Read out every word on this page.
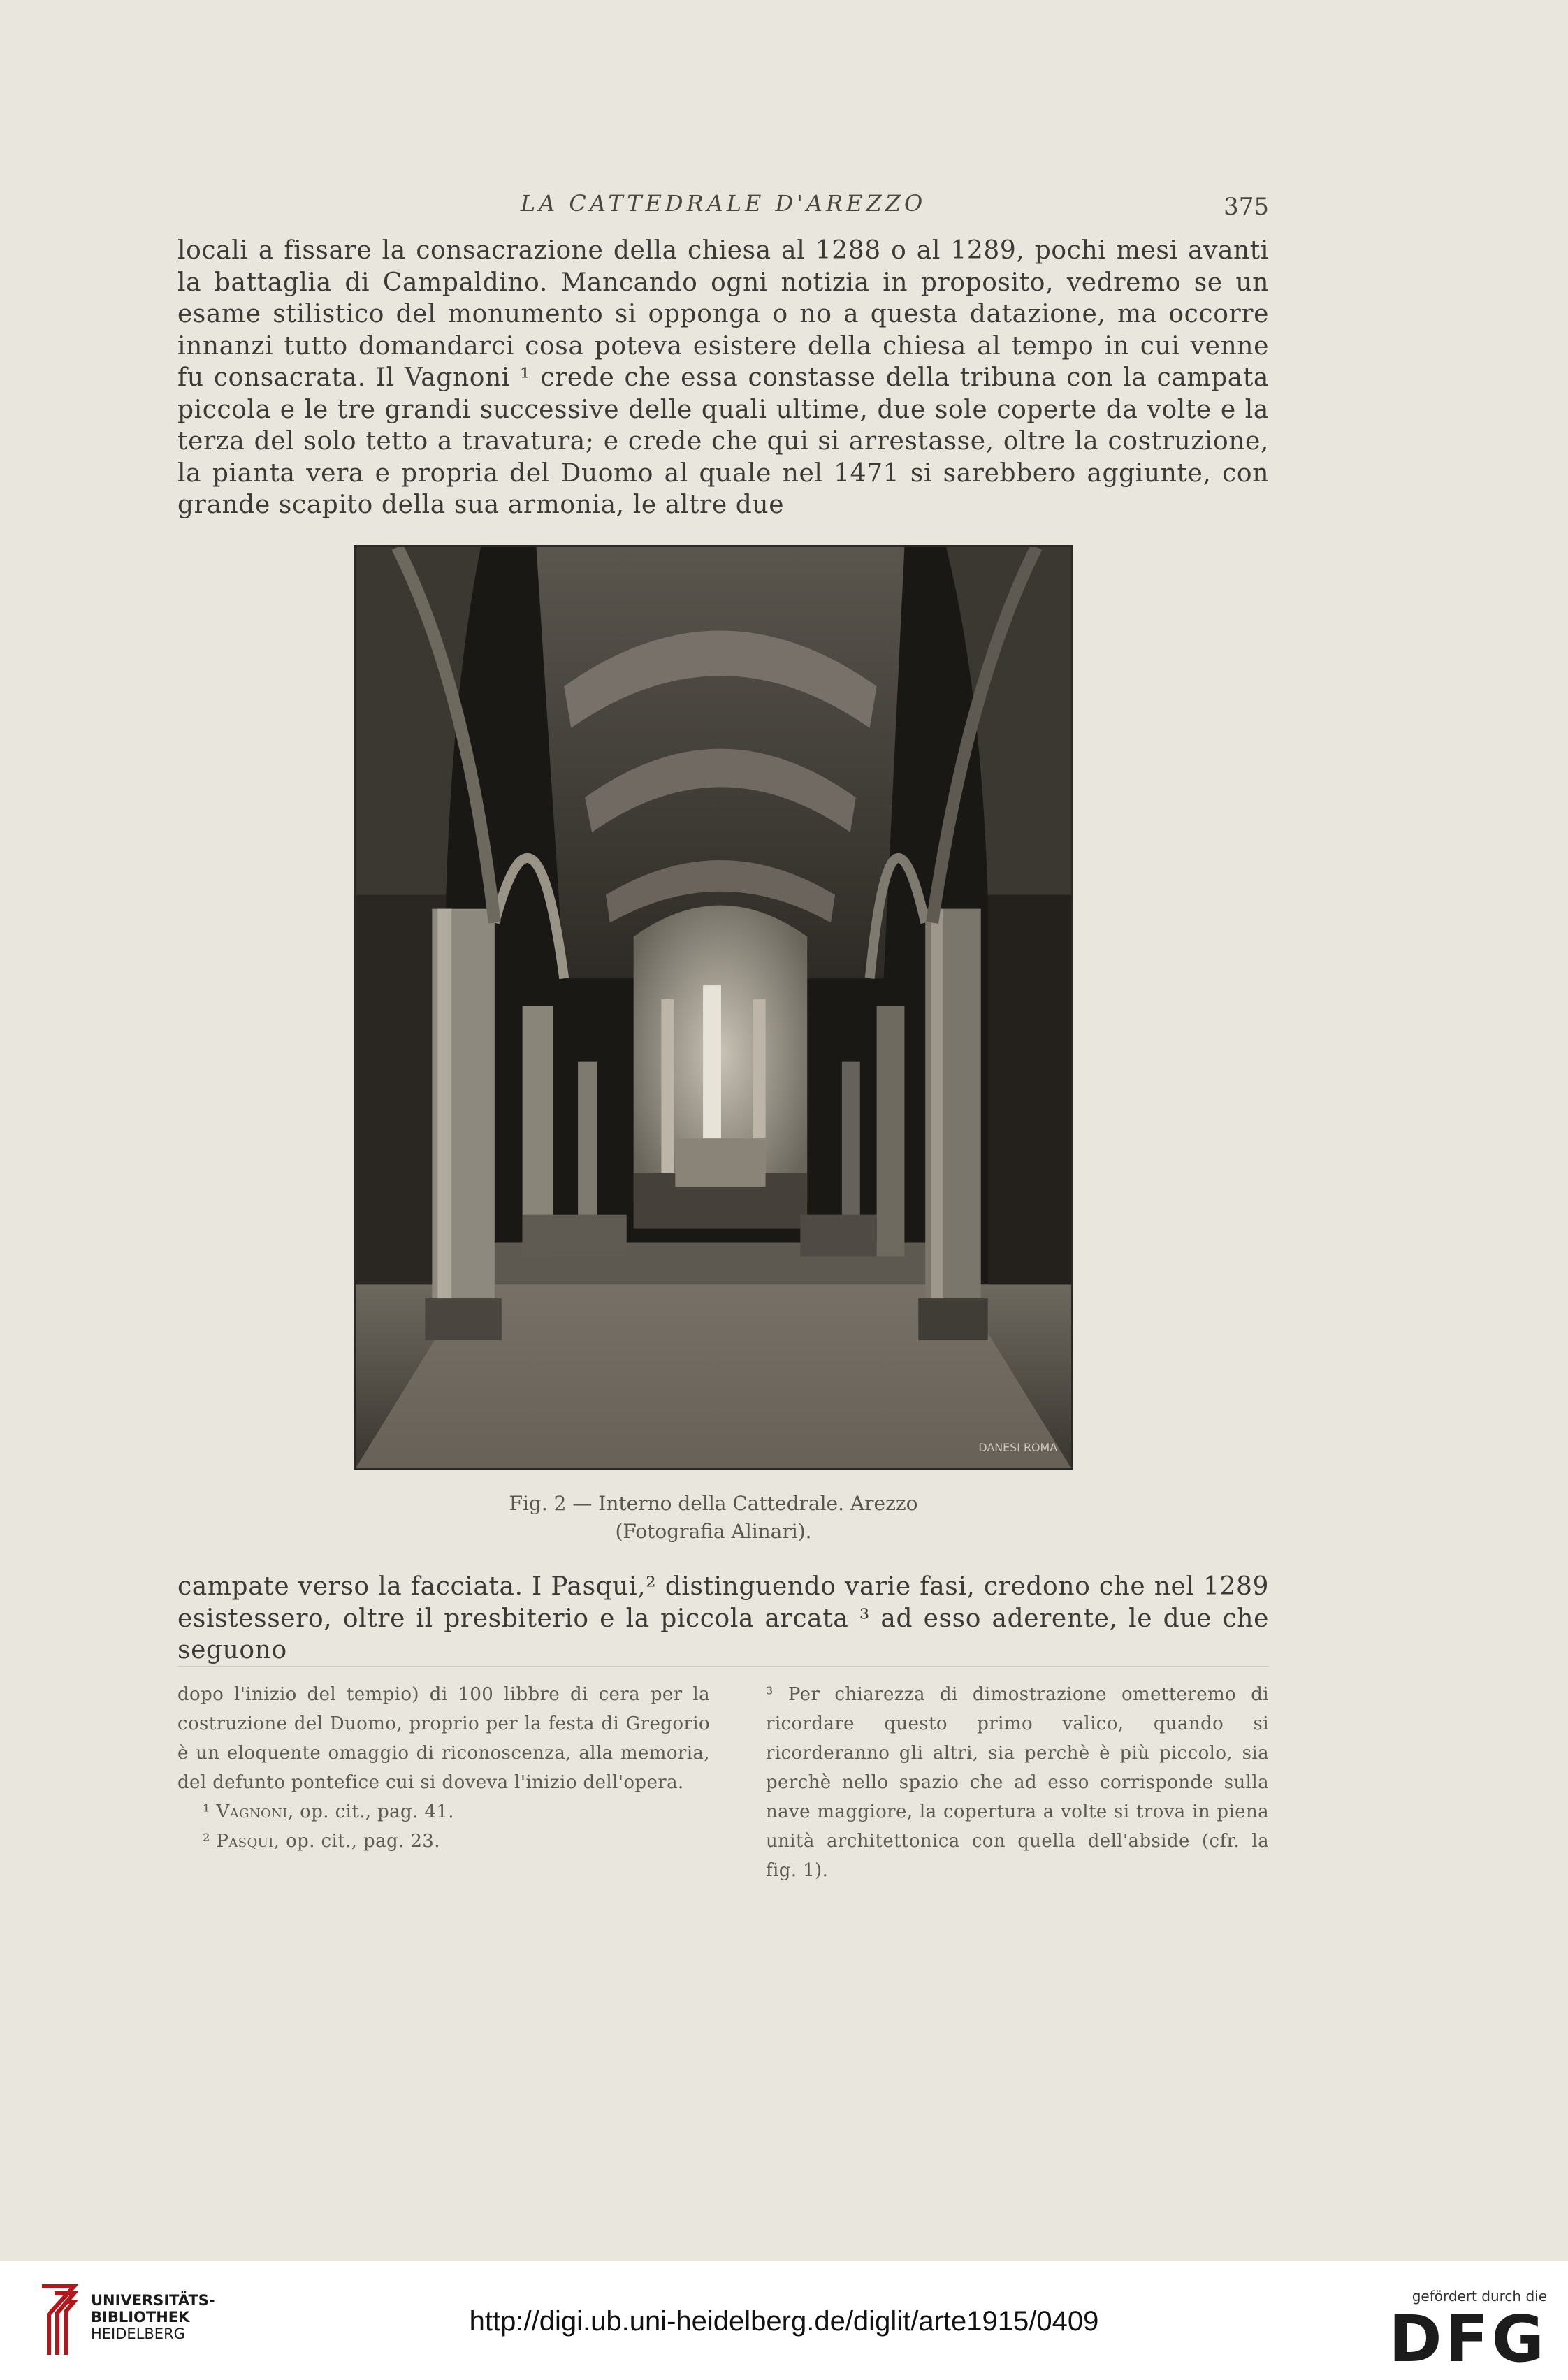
LA CATTEDRALE D'AREZZO	375

locali a fissare la consacrazione della chiesa al 1288 o al 1289, pochi mesi avanti la battaglia di Campaldino. Mancando ogni notizia in proposito, vedremo se un esame stilistico del monumento si opponga o no a questa datazione, ma occorre innanzi tutto domandarci cosa poteva esistere della chiesa al tempo in cui venne fu consacrata. Il Vagnoni ¹ crede che essa constasse della tribuna con la campata piccola e le tre grandi successive delle quali ultime, due sole coperte da volte e la terza del solo tetto a travatura; e crede che qui si arrestasse, oltre la costruzione, la pianta vera e propria del Duomo al quale nel 1471 si sarebbero aggiunte, con grande scapito della sua armonia, le altre due

DANESI ROMA
Fig. 2 — Interno della Cattedrale. Arezzo
(Fotografia Alinari).

campate verso la facciata. I Pasqui,² distinguendo varie fasi, credono che nel 1289 esistessero, oltre il presbiterio e la piccola arcata ³ ad esso aderente, le due che seguono

dopo l'inizio del tempio) di 100 libbre di cera per la costruzione del Duomo, proprio per la festa di Gregorio è un eloquente omaggio di riconoscenza, alla memoria, del defunto pontefice cui si doveva l'inizio dell'opera.

¹ Vagnoni, op. cit., pag. 41.

² Pasqui, op. cit., pag. 23.

³ Per chiarezza di dimostrazione ometteremo di ricordare questo primo valico, quando si ricorderanno gli altri, sia perchè è più piccolo, sia perchè nello spazio che ad esso corrisponde sulla nave maggiore, la copertura a volte si trova in piena unità architettonica con quella dell'abside (cfr. la fig. 1).

UNIVERSITÄTS-
BIBLIOTHEK
HEIDELBERG	http://digi.ub.uni-heidelberg.de/diglit/arte1915/0409
gefördert durch die
DFG
